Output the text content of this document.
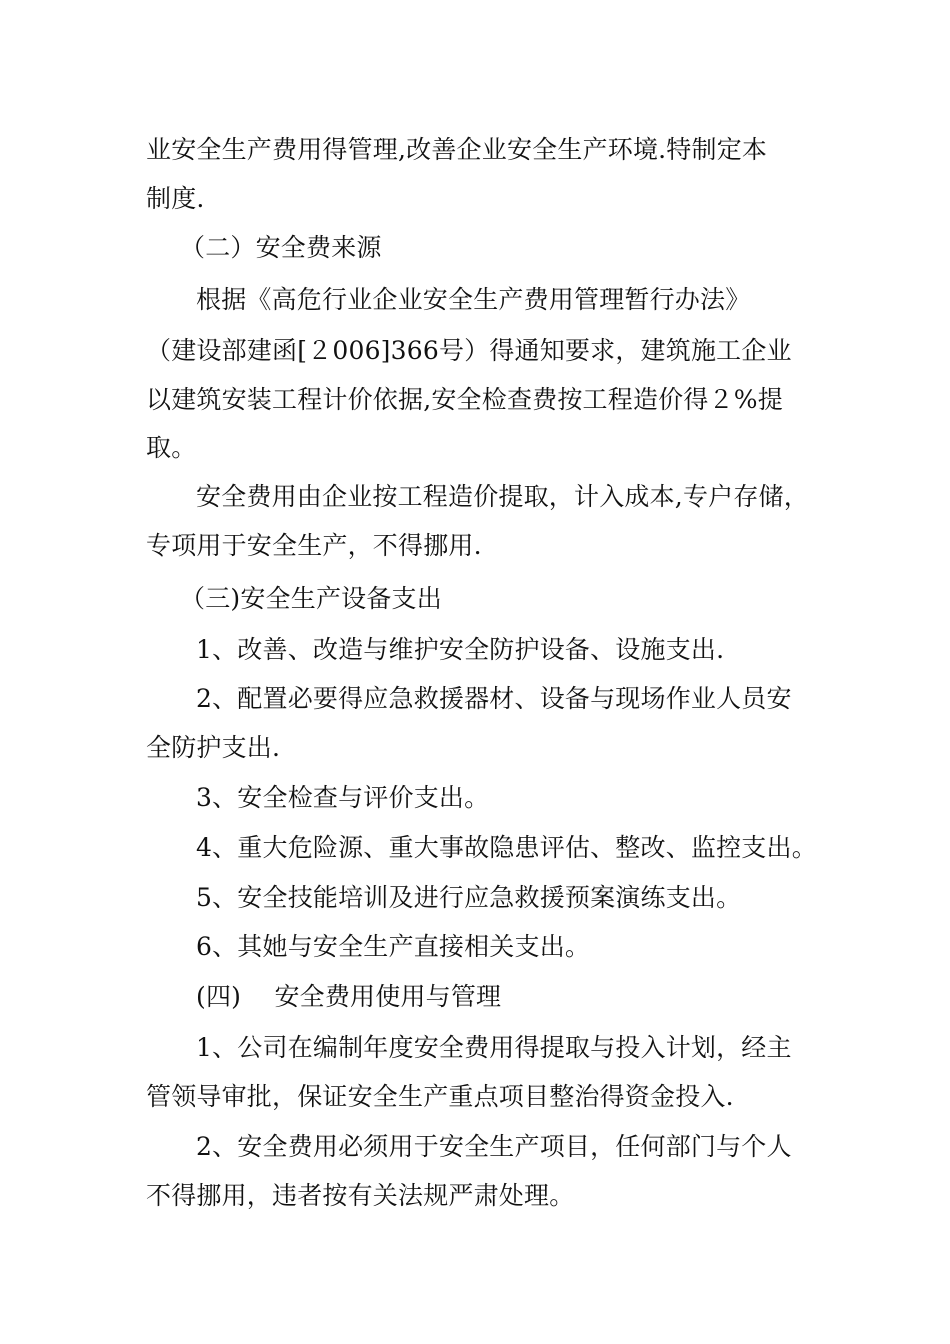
业安全生产费用得管理,改善企业安全生产环境.特制定本
制度.
（二）安全费来源
根据《高危行业企业安全生产费用管理暂行办法》
（建设部建函[２006]366号）得通知要求，建筑施工企业
以建筑安装工程计价依据,安全检查费按工程造价得２%提
取。
安全费用由企业按工程造价提取，计入成本,专户存储，
专项用于安全生产，不得挪用.
（三)安全生产设备支出
1、改善、改造与维护安全防护设备、设施支出.
2、配置必要得应急救援器材、设备与现场作业人员安
全防护支出.
3、安全检查与评价支出。
4、重大危险源、重大事故隐患评估、整改、监控支出。
5、安全技能培训及进行应急救援预案演练支出。
6、其她与安全生产直接相关支出。
(四)　 安全费用使用与管理
1、公司在编制年度安全费用得提取与投入计划，经主
管领导审批，保证安全生产重点项目整治得资金投入.
2、安全费用必须用于安全生产项目，任何部门与个人
不得挪用，违者按有关法规严肃处理。
